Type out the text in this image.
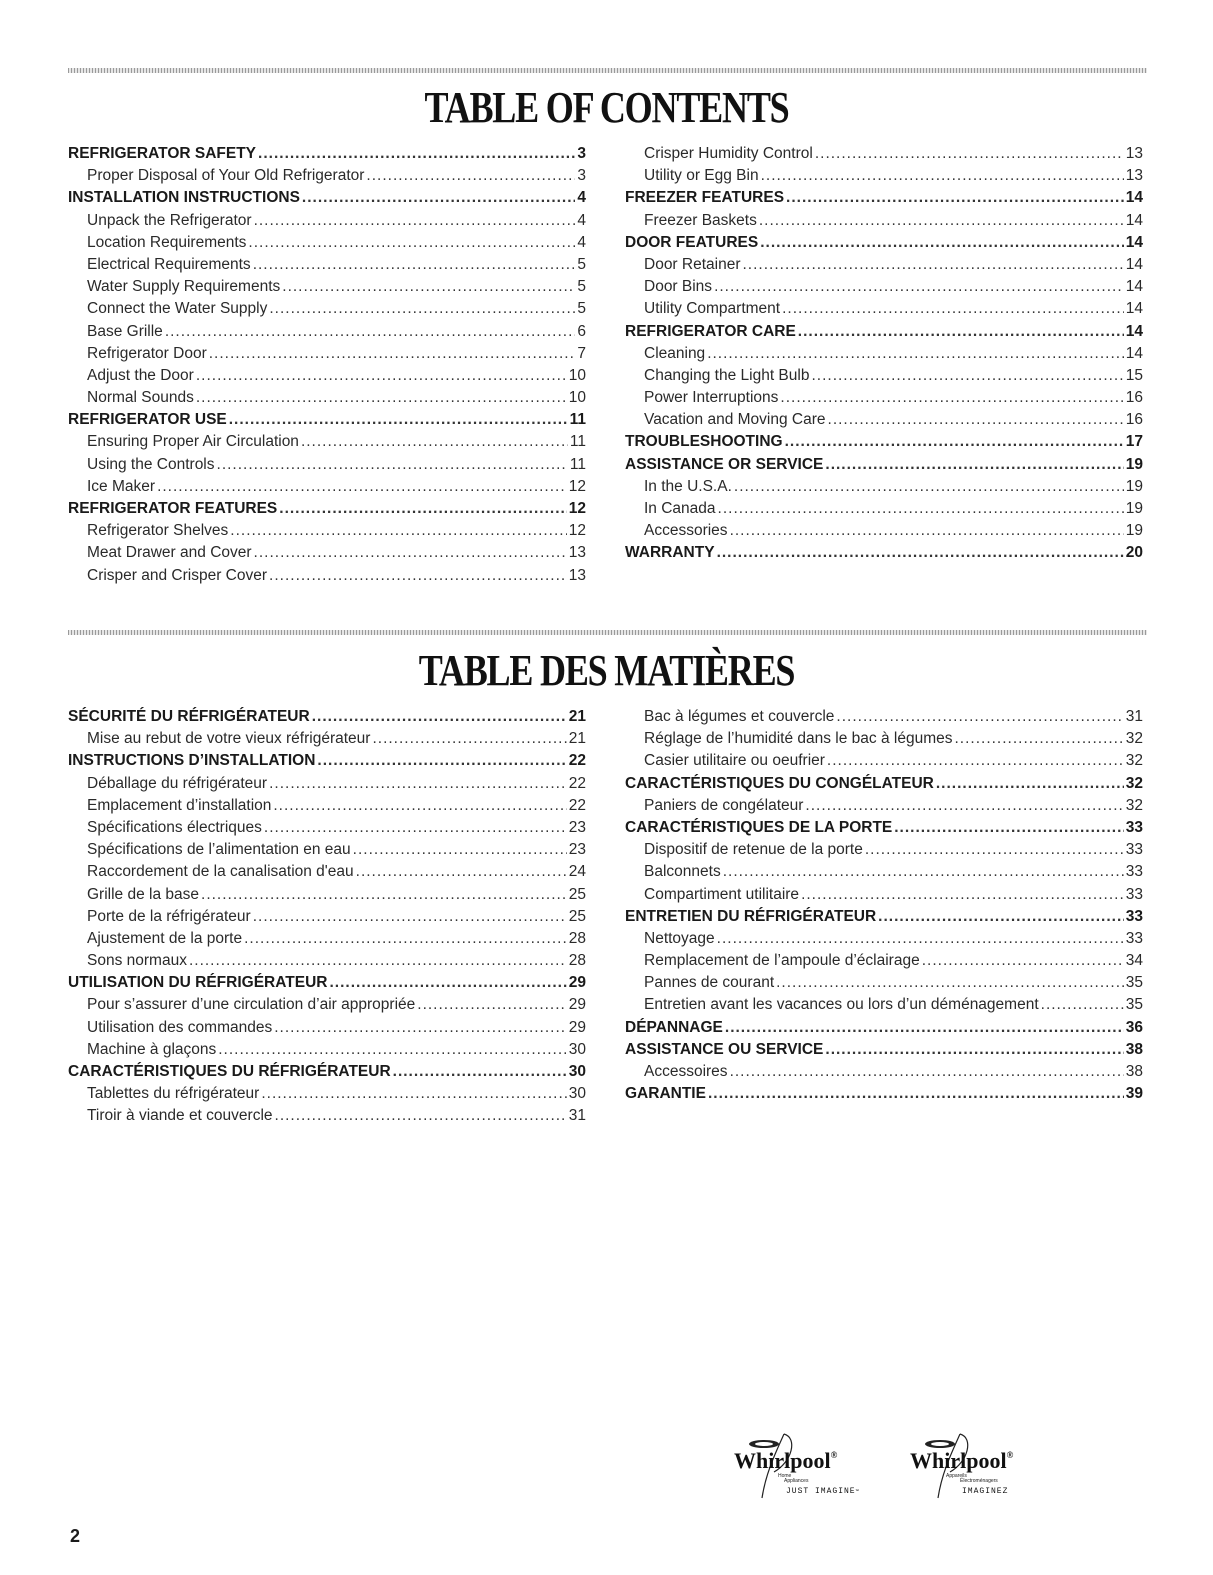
TABLE OF CONTENTS
REFRIGERATOR SAFETY .....	3
Proper Disposal of Your Old Refrigerator .....	3
INSTALLATION INSTRUCTIONS .....	4
Unpack the Refrigerator .....	4
Location Requirements .....	4
Electrical Requirements .....	5
Water Supply Requirements .....	5
Connect the Water Supply .....	5
Base Grille .....	6
Refrigerator Door .....	7
Adjust the Door .....	10
Normal Sounds .....	10
REFRIGERATOR USE .....	11
Ensuring Proper Air Circulation .....	11
Using the Controls .....	11
Ice Maker .....	12
REFRIGERATOR FEATURES .....	12
Refrigerator Shelves .....	12
Meat Drawer and Cover .....	13
Crisper and Crisper Cover .....	13
Crisper Humidity Control .....	13
Utility or Egg Bin .....	13
FREEZER FEATURES .....	14
Freezer Baskets .....	14
DOOR FEATURES .....	14
Door Retainer .....	14
Door Bins .....	14
Utility Compartment .....	14
REFRIGERATOR CARE .....	14
Cleaning .....	14
Changing the Light Bulb .....	15
Power Interruptions .....	16
Vacation and Moving Care .....	16
TROUBLESHOOTING .....	17
ASSISTANCE OR SERVICE .....	19
In the U.S.A. .....	19
In Canada .....	19
Accessories .....	19
WARRANTY .....	20
TABLE DES MATIÈRES
SÉCURITÉ DU RÉFRIGÉRATEUR .....	21
Mise au rebut de votre vieux réfrigérateur .....	21
INSTRUCTIONS D’INSTALLATION .....	22
Déballage du réfrigérateur .....	22
Emplacement d’installation .....	22
Spécifications électriques .....	23
Spécifications de l’alimentation en eau .....	23
Raccordement de la canalisation d'eau .....	24
Grille de la base .....	25
Porte de la réfrigérateur .....	25
Ajustement de la porte .....	28
Sons normaux .....	28
UTILISATION DU RÉFRIGÉRATEUR .....	29
Pour s’assurer d’une circulation d’air appropriée .....	29
Utilisation des commandes .....	29
Machine à glaçons .....	30
CARACTÉRISTIQUES DU RÉFRIGÉRATEUR .....	30
Tablettes du réfrigérateur .....	30
Tiroir à viande et couvercle .....	31
Bac à légumes et couvercle .....	31
Réglage de l’humidité dans le bac à légumes .....	32
Casier utilitaire ou oeufrier .....	32
CARACTÉRISTIQUES DU CONGÉLATEUR .....	32
Paniers de congélateur .....	32
CARACTÉRISTIQUES DE LA PORTE .....	33
Dispositif de retenue de la porte .....	33
Balconnets .....	33
Compartiment utilitaire .....	33
ENTRETIEN DU RÉFRIGÉRATEUR .....	33
Nettoyage .....	33
Remplacement de l’ampoule d’éclairage .....	34
Pannes de courant .....	35
Entretien avant les vacances ou lors d’un déménagement .....	35
DÉPANNAGE .....	36
ASSISTANCE OU SERVICE .....	38
Accessoires .....	38
GARANTIE .....	39
Whirlpool®
Home
Appliances
JUST IMAGINE™
Whirlpool®
Appareils
Électroménagers
IMAGINEZ
2
